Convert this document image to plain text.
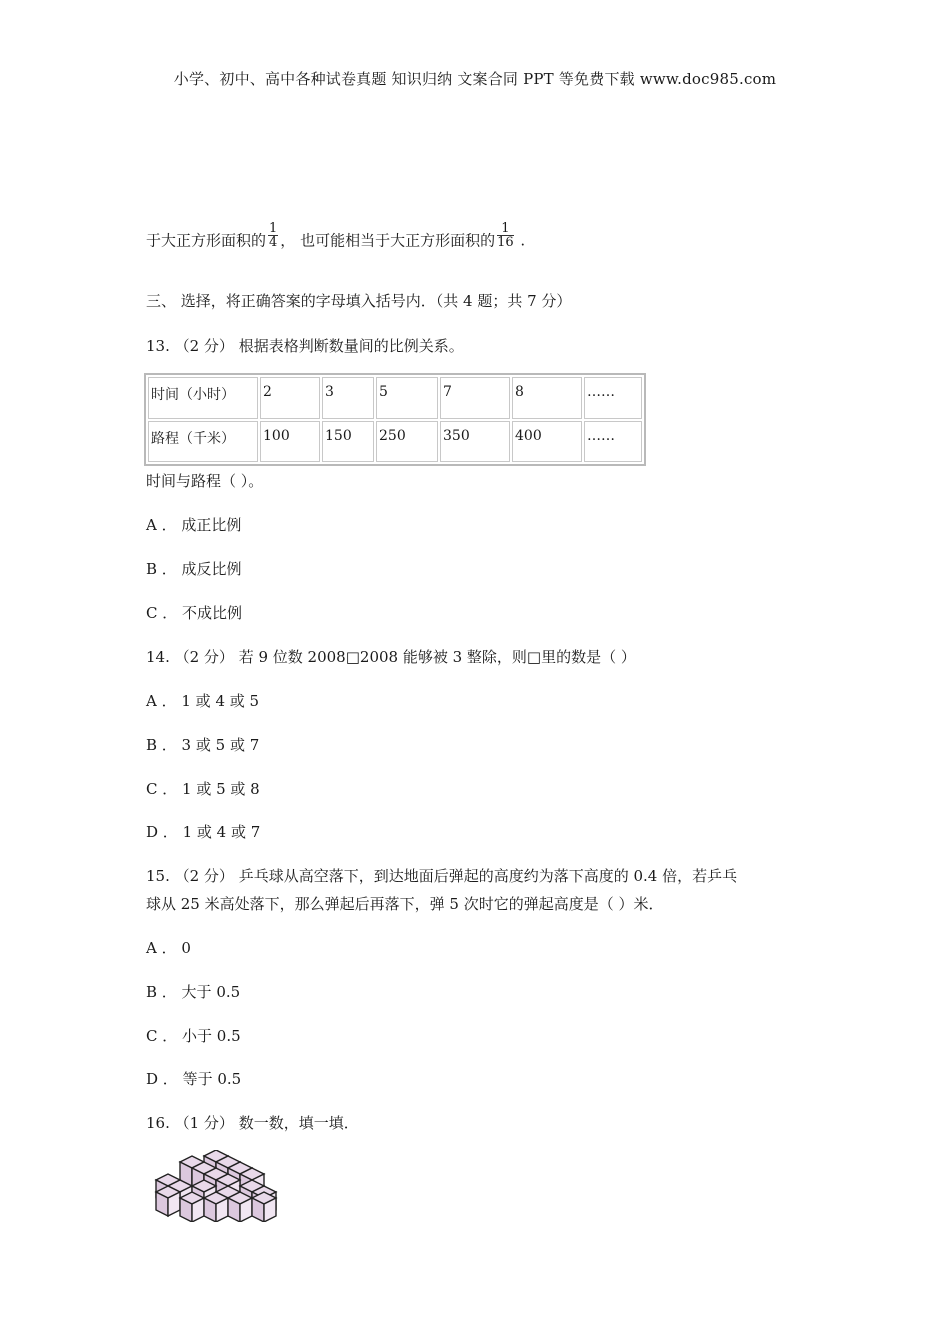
小学、初中、高中各种试卷真题 知识归纳 文案合同 PPT 等免费下载 www.doc985.com
于大正方形面积的 $\frac{1}{4}$ ， 也可能相当于大正方形面积的 $\frac{1}{16}$ .
三、 选择，将正确答案的字母填入括号内．（共 4 题；共 7 分）
13. （2 分） 根据表格判断数量间的比例关系。
时间（小时）	2	3	5	7	8	……
路程（千米）	100	150	250	350	400	……
时间与路程（ ）。
A ． 成正比例
B ． 成反比例
C ． 不成比例
14. （2 分） 若 9 位数 2008□2008 能够被 3 整除，则□里的数是（ ）
A ． 1 或 4 或 5
B ． 3 或 5 或 7
C ． 1 或 5 或 8
D ． 1 或 4 或 7
15. （2 分） 乒乓球从高空落下，到达地面后弹起的高度约为落下高度的 0.4 倍，若乒乓
球从 25 米高处落下，那么弹起后再落下，弹 5 次时它的弹起高度是（ ）米．
A ． 0
B ． 大于 0.5
C ． 小于 0.5
D ． 等于 0.5
16. （1 分） 数一数，填一填．
